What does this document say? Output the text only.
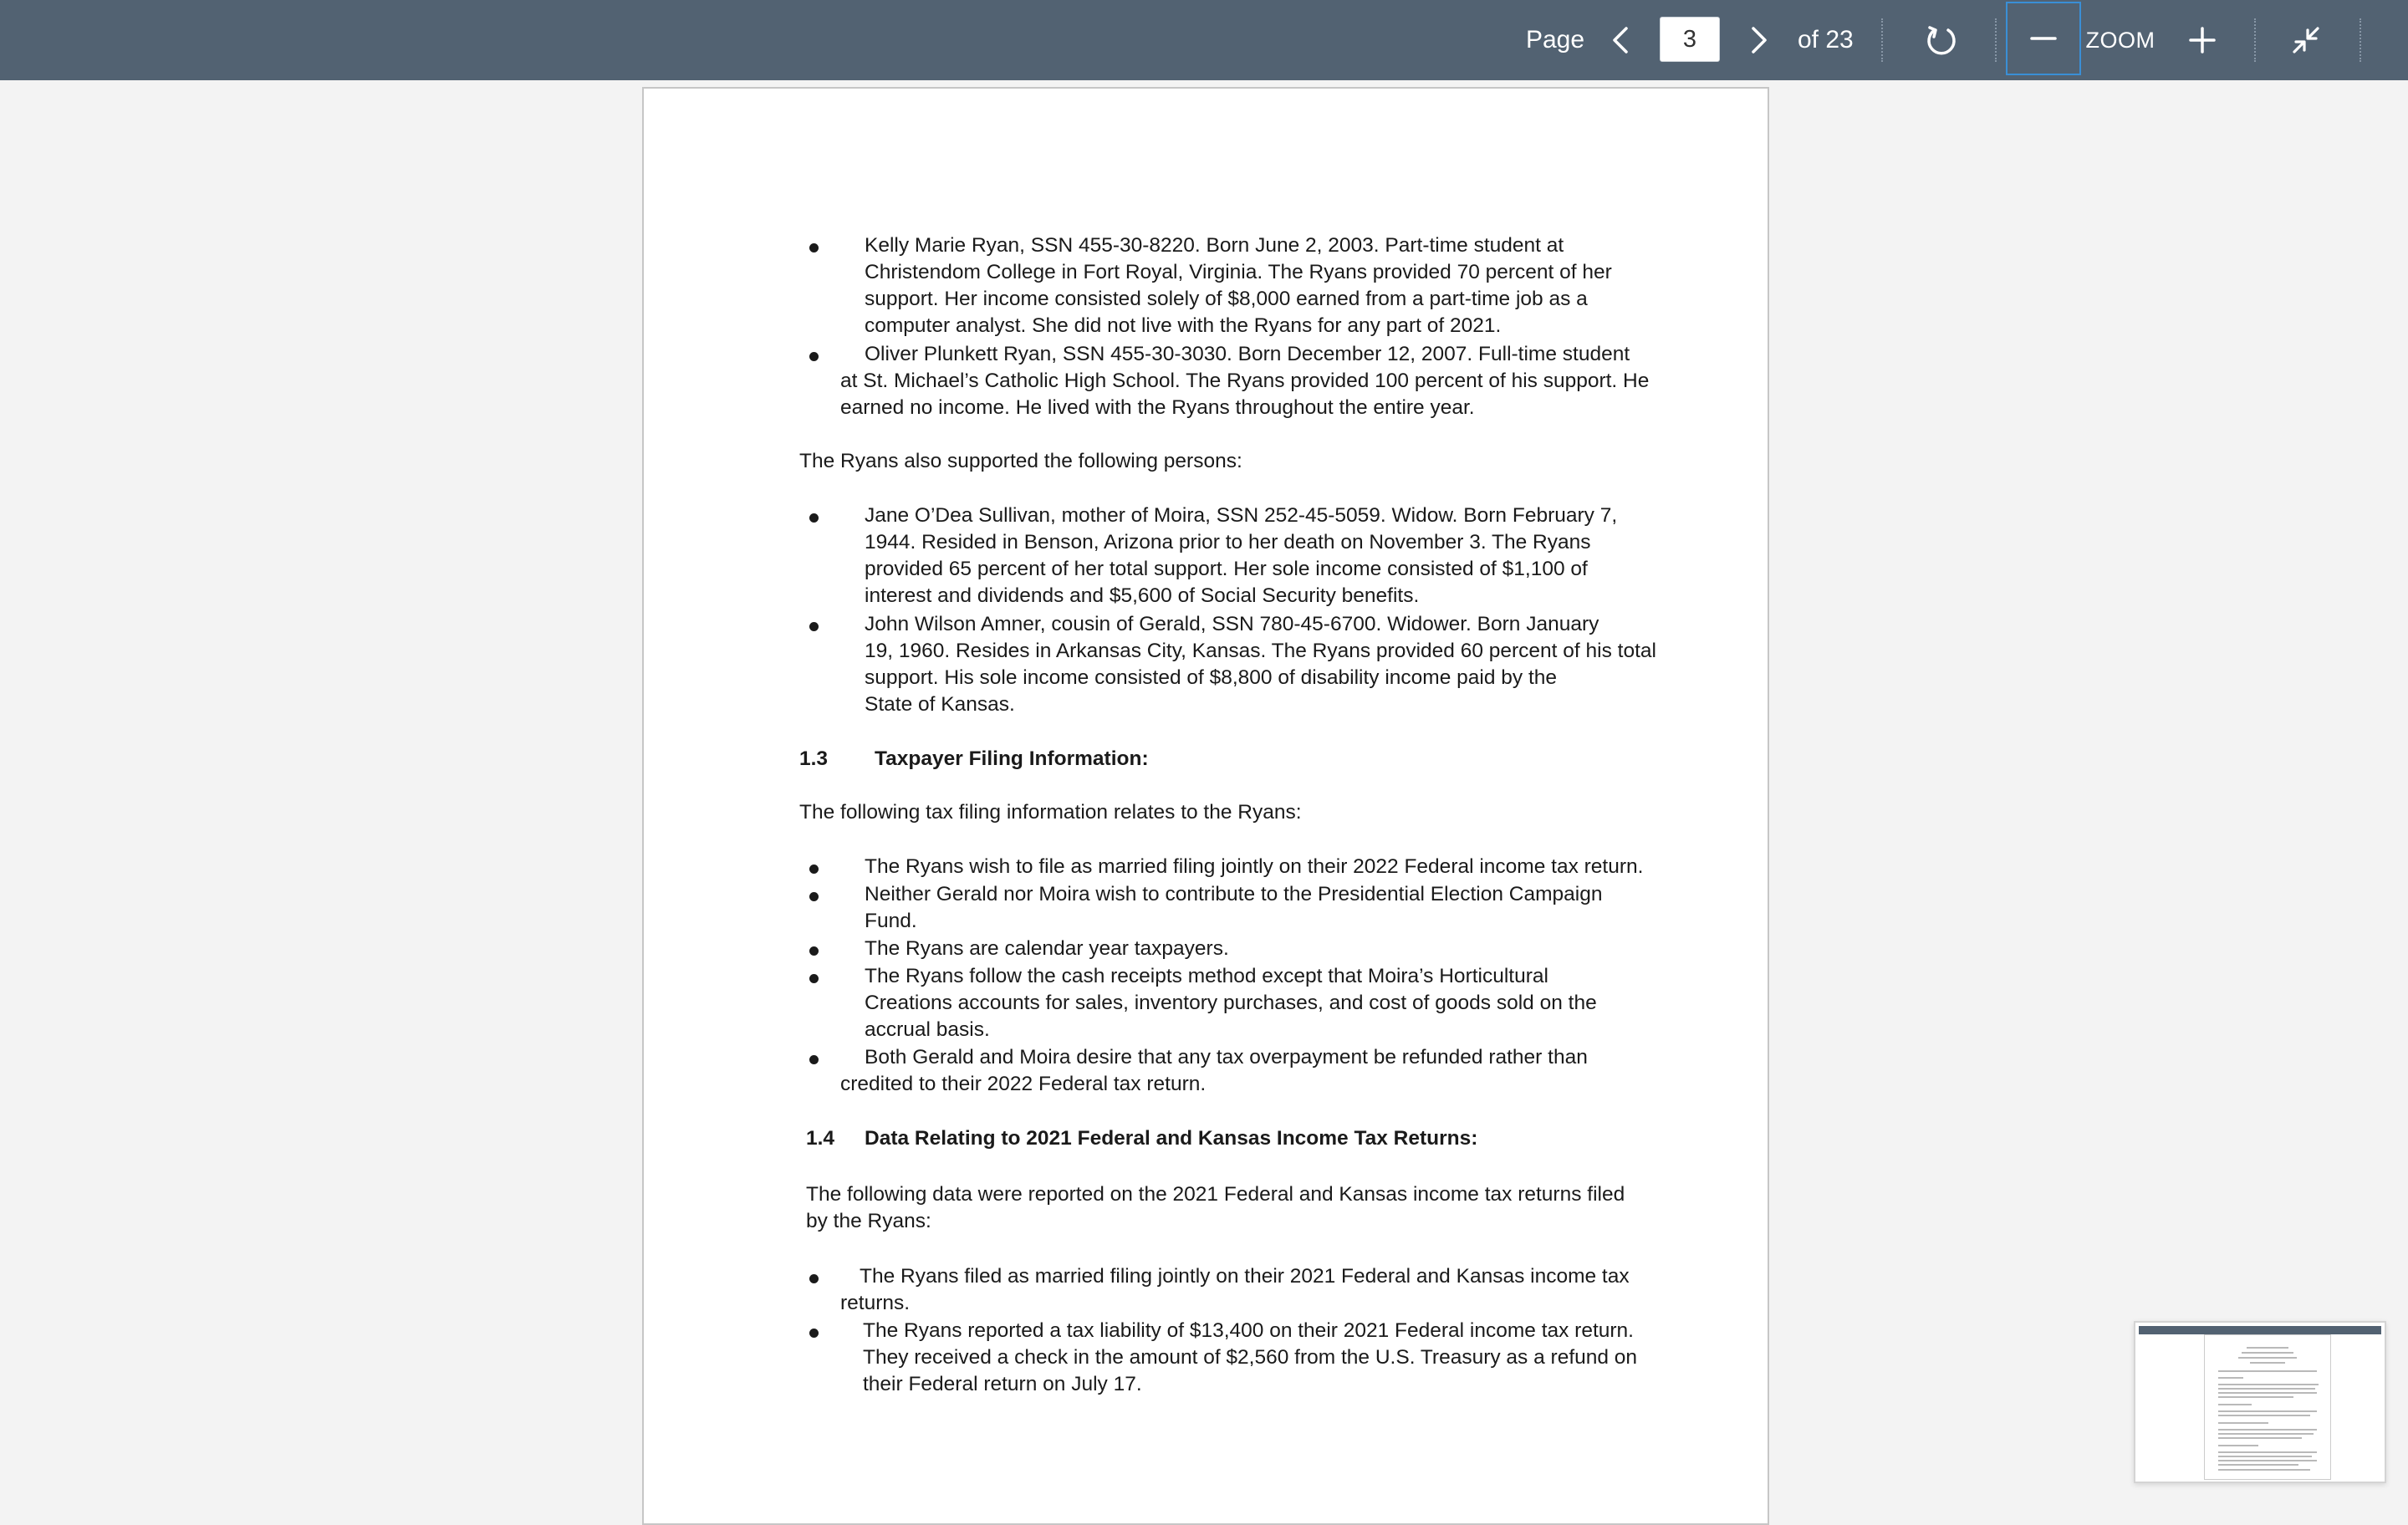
Page
3	of 23	ZOOM

Kelly Marie Ryan, SSN 455-30-8220. Born June 2, 2003. Part-time student at

Christendom College in Fort Royal, Virginia. The Ryans provided 70 percent of her

support. Her income consisted solely of $8,000 earned from a part-time job as a

computer analyst. She did not live with the Ryans for any part of 2021.

Oliver Plunkett Ryan, SSN 455-30-3030. Born December 12, 2007. Full-time student

at St. Michael’s Catholic High School. The Ryans provided 100 percent of his support. He

earned no income. He lived with the Ryans throughout the entire year.

The Ryans also supported the following persons:

Jane O’Dea Sullivan, mother of Moira, SSN 252-45-5059. Widow. Born February 7,

1944. Resided in Benson, Arizona prior to her death on November 3. The Ryans

provided 65 percent of her total support. Her sole income consisted of $1,100 of

interest and dividends and $5,600 of Social Security benefits.

John Wilson Amner, cousin of Gerald, SSN 780-45-6700. Widower. Born January

19, 1960. Resides in Arkansas City, Kansas. The Ryans provided 60 percent of his total

support. His sole income consisted of $8,800 of disability income paid by the

State of Kansas.

1.3 Taxpayer Filing Information:

The following tax filing information relates to the Ryans:

The Ryans wish to file as married filing jointly on their 2022 Federal income tax return.

Neither Gerald nor Moira wish to contribute to the Presidential Election Campaign

Fund.

The Ryans are calendar year taxpayers.

The Ryans follow the cash receipts method except that Moira’s Horticultural

Creations accounts for sales, inventory purchases, and cost of goods sold on the

accrual basis.

Both Gerald and Moira desire that any tax overpayment be refunded rather than

credited to their 2022 Federal tax return.

1.4 Data Relating to 2021 Federal and Kansas Income Tax Returns:

The following data were reported on the 2021 Federal and Kansas income tax returns filed

by the Ryans:

The Ryans filed as married filing jointly on their 2021 Federal and Kansas income tax

returns.

The Ryans reported a tax liability of $13,400 on their 2021 Federal income tax return.

They received a check in the amount of $2,560 from the U.S. Treasury as a refund on

their Federal return on July 17.
